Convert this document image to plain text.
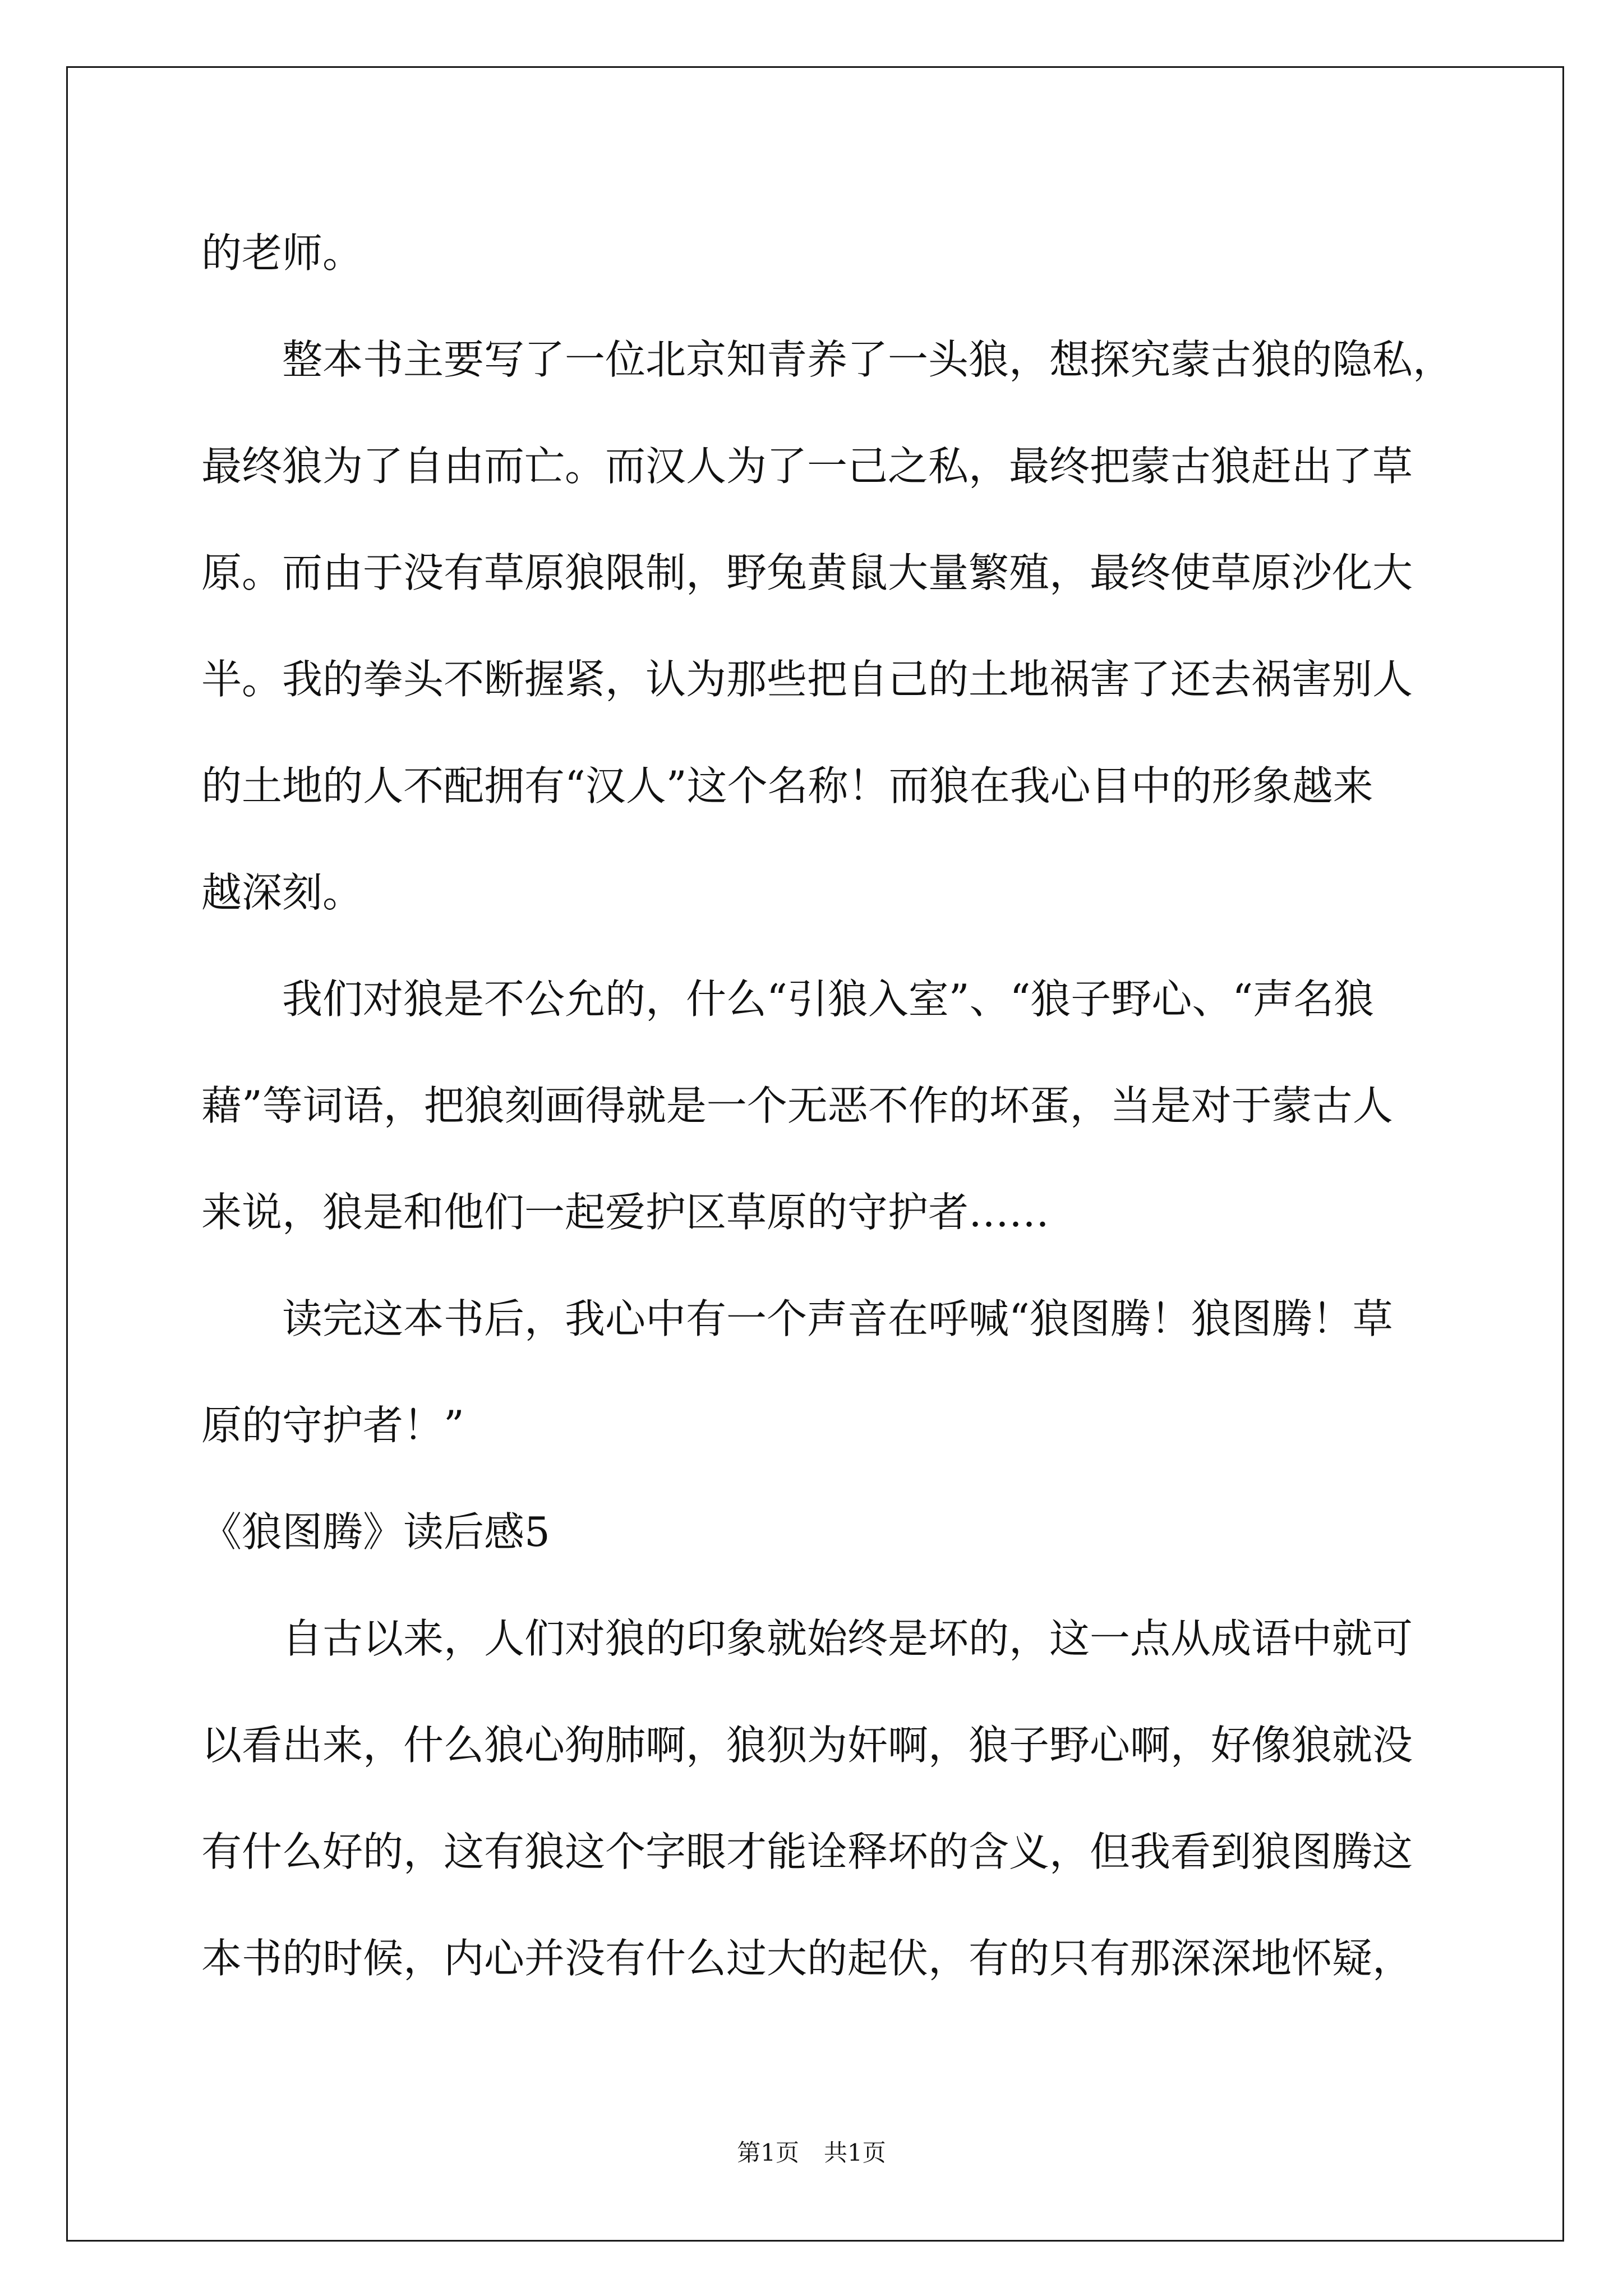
的老师。
整本书主要写了一位北京知青养了一头狼，想探究蒙古狼的隐私，
最终狼为了自由而亡。而汉人为了一己之私，最终把蒙古狼赶出了草
原。而由于没有草原狼限制，野兔黄鼠大量繁殖，最终使草原沙化大
半。我的拳头不断握紧，认为那些把自己的土地祸害了还去祸害别人
的土地的人不配拥有“汉人”这个名称！而狼在我心目中的形象越来
越深刻。
我们对狼是不公允的，什么“引狼入室”、“狼子野心、“声名狼
藉”等词语，把狼刻画得就是一个无恶不作的坏蛋，当是对于蒙古人
来说，狼是和他们一起爱护区草原的守护者……
读完这本书后，我心中有一个声音在呼喊“狼图腾！狼图腾！草
原的守护者！”
《狼图腾》读后感5
自古以来，人们对狼的印象就始终是坏的，这一点从成语中就可
以看出来，什么狼心狗肺啊，狼狈为奸啊，狼子野心啊，好像狼就没
有什么好的，这有狼这个字眼才能诠释坏的含义，但我看到狼图腾这
本书的时候，内心并没有什么过大的起伏，有的只有那深深地怀疑，
第1页 共1页
